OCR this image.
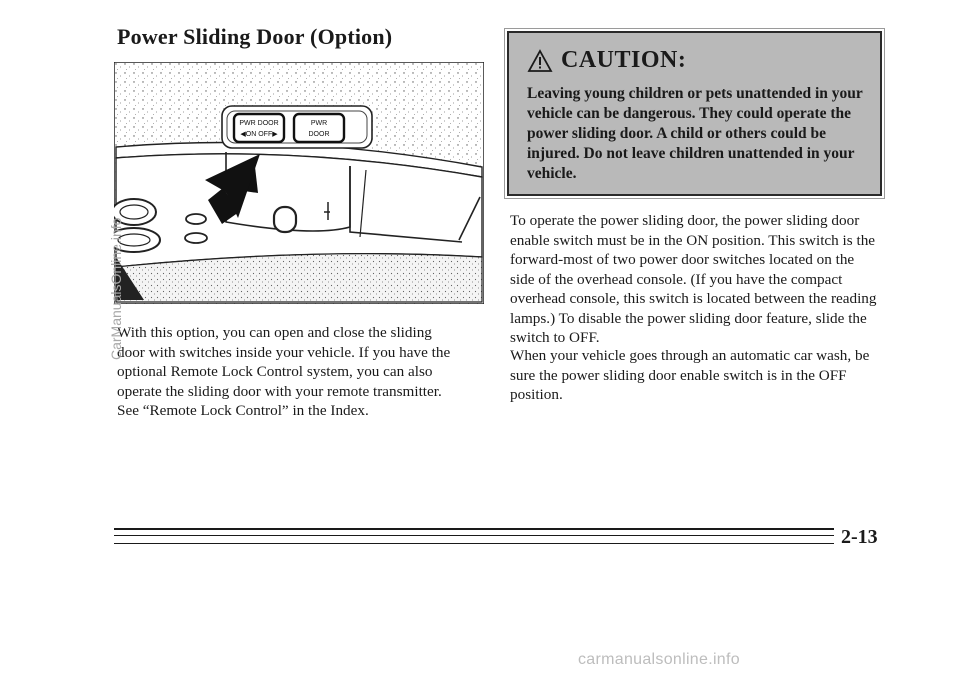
Power Sliding Door (Option)
PWR DOOR
◀ON OFF▶
PWR
DOOR

With this option, you can open and close the sliding door with switches inside your vehicle. If you have the optional Remote Lock Control system, you can also operate the sliding door with your remote transmitter. See “Remote Lock Control” in the Index.

CAUTION:

Leaving young children or pets unattended in your vehicle can be dangerous. They could operate the power sliding door. A child or others could be injured. Do not leave children unattended in your vehicle.

To operate the power sliding door, the power sliding door enable switch must be in the ON position. This switch is the forward-most of two power door switches located on the side of the overhead console. (If you have the compact overhead console, this switch is located between the reading lamps.) To disable the power sliding door feature, slide the switch to OFF.

When your vehicle goes through an automatic car wash, be sure the power sliding door enable switch is in the OFF position.

2-13
CarManualsOnline.info
carmanualsonline.info
